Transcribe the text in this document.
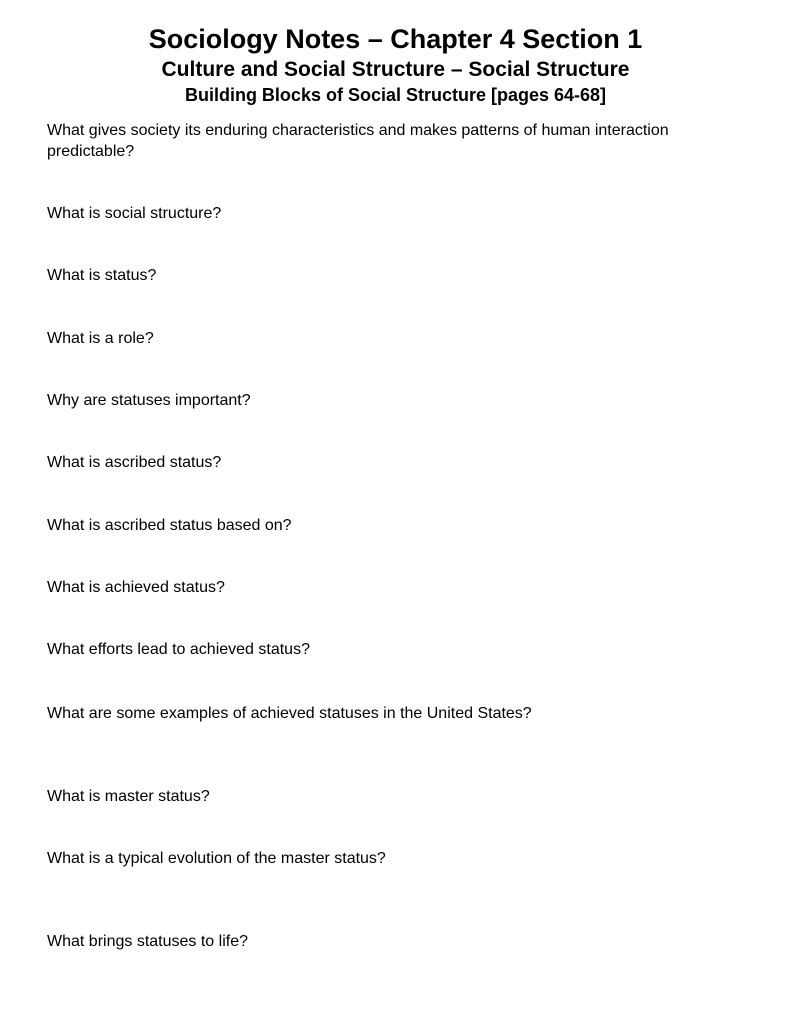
Sociology Notes – Chapter 4 Section 1
Culture and Social Structure – Social Structure
Building Blocks of Social Structure [pages 64-68]

What gives society its enduring characteristics and makes patterns of human interaction predictable?

What is social structure?

What is status?

What is a role?

Why are statuses important?

What is ascribed status?

What is ascribed status based on?

What is achieved status?

What efforts lead to achieved status?

What are some examples of achieved statuses in the United States?

What is master status?

What is a typical evolution of the master status?

What brings statuses to life?
